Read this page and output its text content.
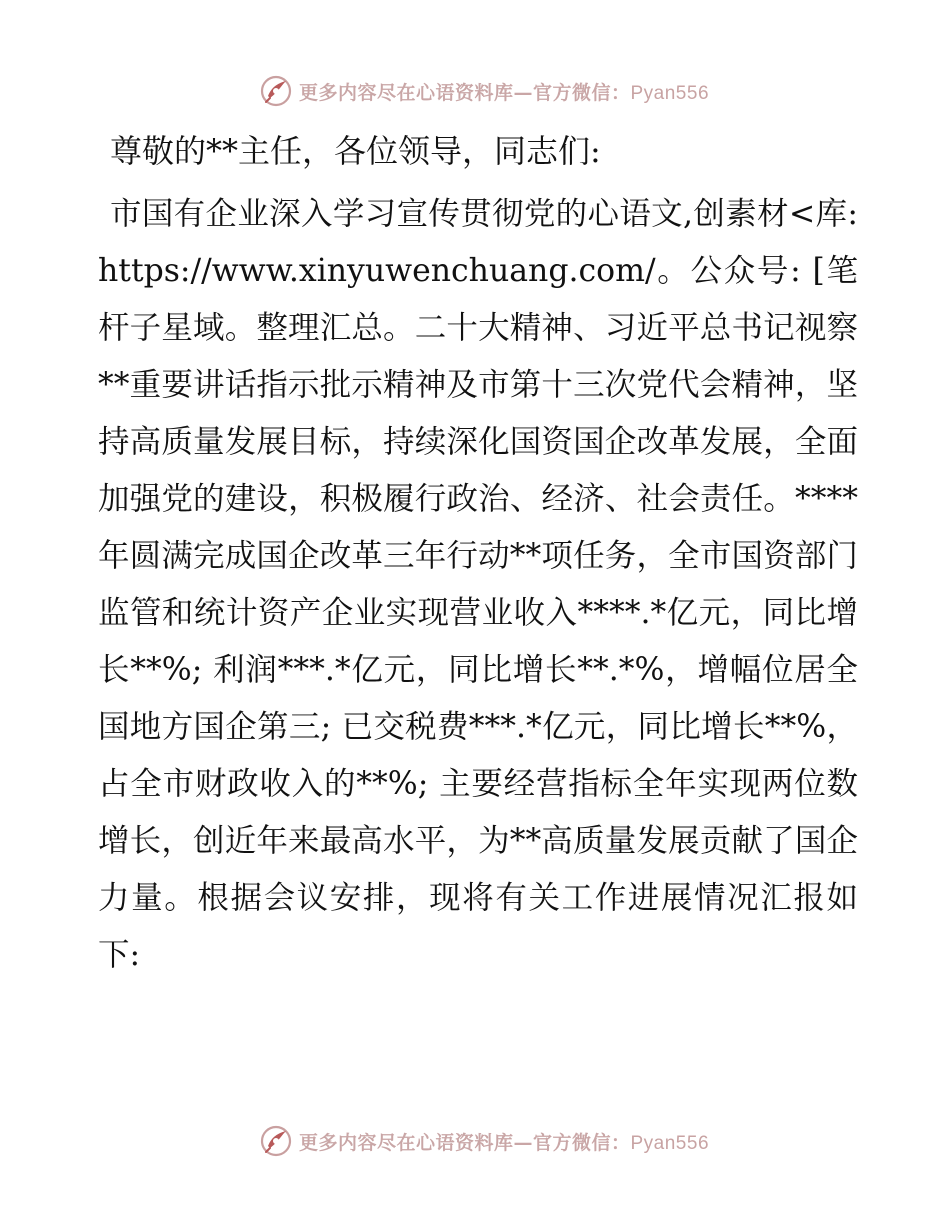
更多内容尽在心语资料库—官方微信：Pyan556

尊敬的**主任，各位领导，同志们:

市国有企业深入学习宣传贯彻党的心语文,创素材<库: https://www.xinyuwenchuang.com/。公众号: [笔杆子星域。整理汇总。二十大精神、习近平总书记视察**重要讲话指示批示精神及市第十三次党代会精神，坚持高质量发展目标，持续深化国资国企改革发展，全面加强党的建设，积极履行政治、经济、社会责任。****年圆满完成国企改革三年行动**项任务，全市国资部门监管和统计资产企业实现营业收入****.*亿元，同比增长**%; 利润***.*亿元，同比增长**.*%，增幅位居全国地方国企第三; 已交税费***.*亿元，同比增长**%，占全市财政收入的**%; 主要经营指标全年实现两位数增长，创近年来最高水平，为**高质量发展贡献了国企力量。根据会议安排，现将有关工作进展情况汇报如下:

更多内容尽在心语资料库—官方微信：Pyan556
